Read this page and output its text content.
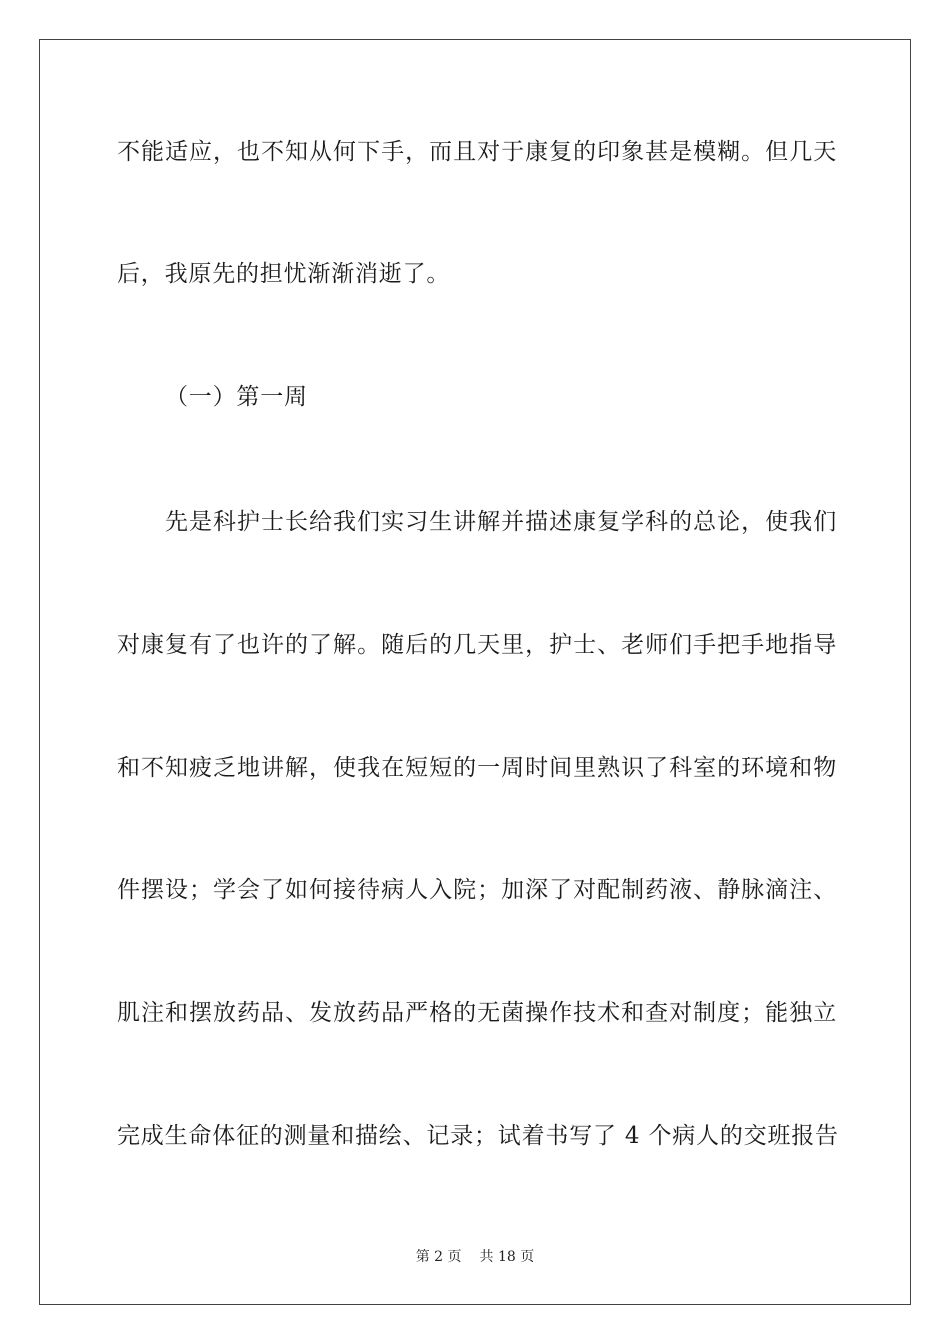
不能适应，也不知从何下手，而且对于康复的印象甚是模糊。但几天
后，我原先的担忧渐渐消逝了。
（一）第一周
先是科护士长给我们实习生讲解并描述康复学科的总论，使我们
对康复有了也许的了解。随后的几天里，护士、老师们手把手地指导
和不知疲乏地讲解，使我在短短的一周时间里熟识了科室的环境和物
件摆设；学会了如何接待病人入院；加深了对配制药液、静脉滴注、
肌注和摆放药品、发放药品严格的无菌操作技术和查对制度；能独立
完成生命体征的测量和描绘、记录；试着书写了 4 个病人的交班报告
第 2 页 共 18 页
